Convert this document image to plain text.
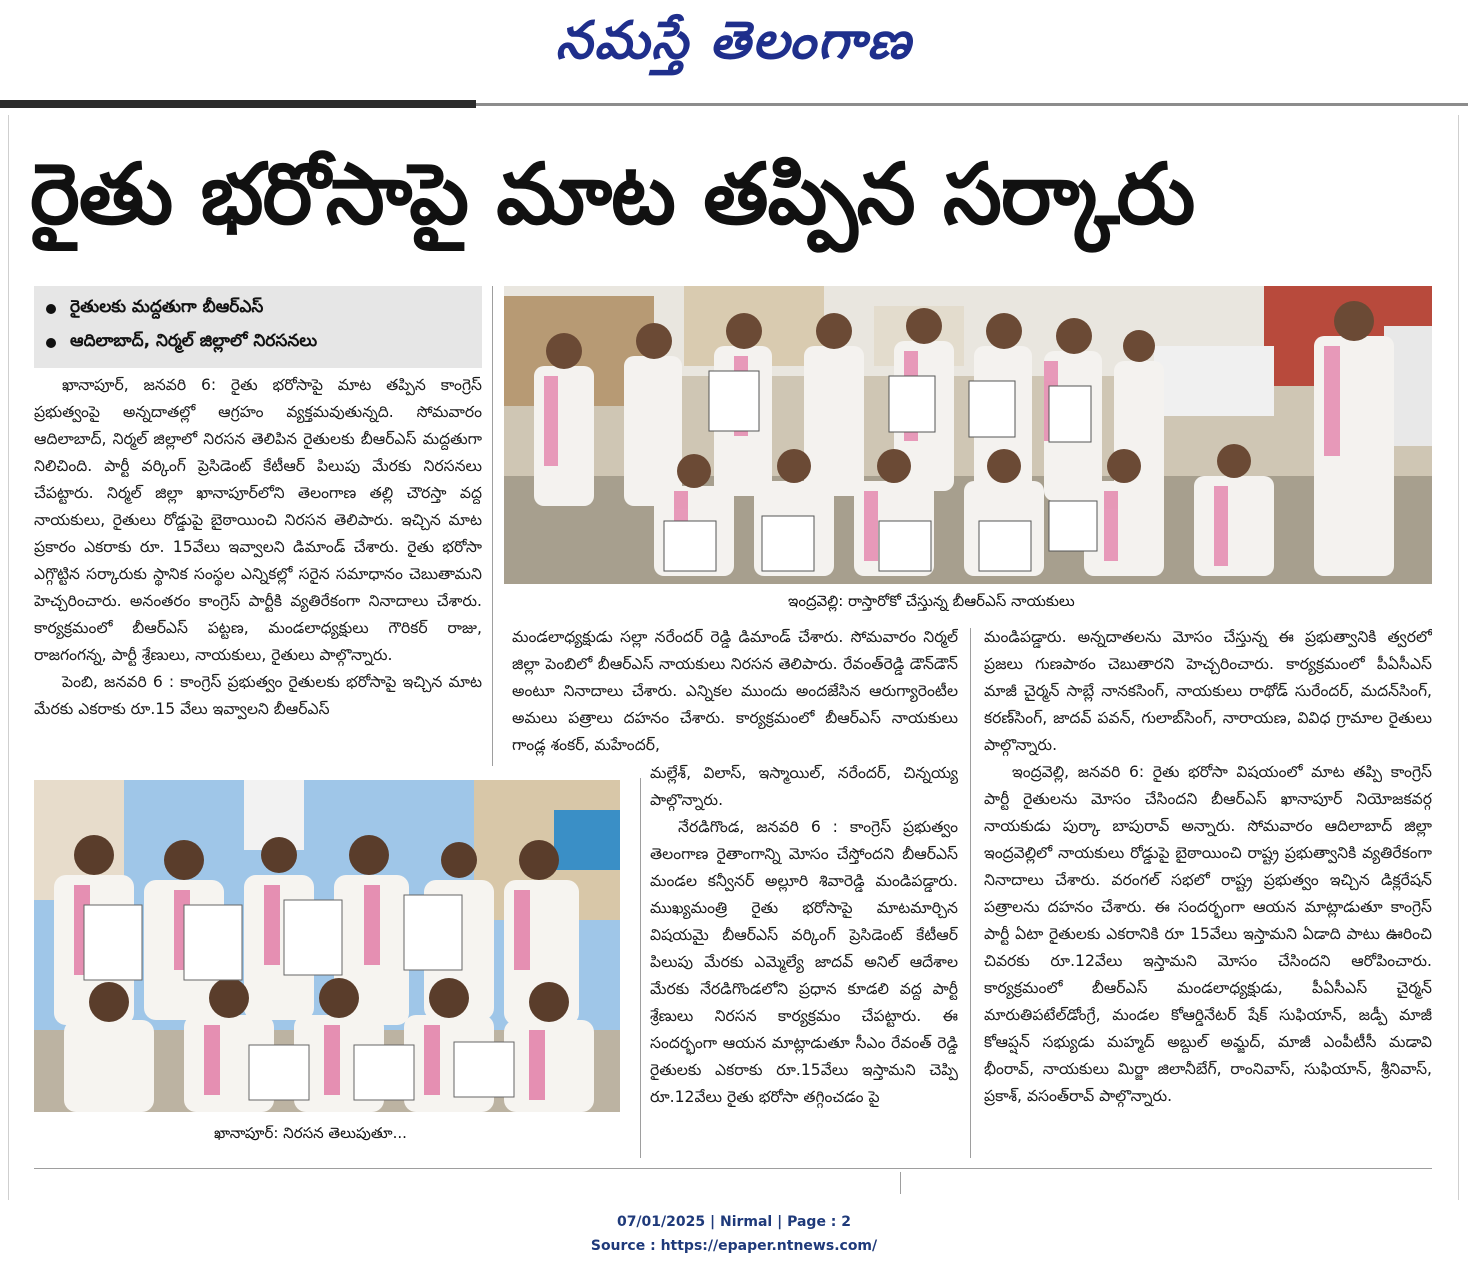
నమస్తే తెలంగాణ
రైతు భరోసాపై మాట తప్పిన సర్కారు
రైతులకు మద్దతుగా బీఆర్ఎస్
ఆదిలాబాద్, నిర్మల్ జిల్లాలో నిరసనలు

ఖానాపూర్, జనవరి 6: రైతు భరోసాపై మాట తప్పిన కాంగ్రెస్ ప్రభుత్వంపై అన్నదాతల్లో ఆగ్రహం వ్యక్తమవుతున్నది. సోమవారం ఆదిలాబాద్, నిర్మల్ జిల్లాలో నిరసన తెలిపిన రైతులకు బీఆర్ఎస్ మద్దతుగా నిలిచింది. పార్టీ వర్కింగ్ ప్రెసిడెంట్ కేటీఆర్ పిలుపు మేరకు నిరసనలు చేపట్టారు. నిర్మల్ జిల్లా ఖానాపూర్‌లోని తెలంగాణ తల్లి చౌరస్తా వద్ద నాయకులు, రైతులు రోడ్డుపై బైఠాయించి నిరసన తెలిపారు. ఇచ్చిన మాట ప్రకారం ఎకరాకు రూ. 15వేలు ఇవ్వాలని డిమాండ్ చేశారు. రైతు భరోసా ఎగ్గొట్టిన సర్కారుకు స్థానిక సంస్థల ఎన్నికల్లో సరైన సమాధానం చెబుతామని హెచ్చరించారు. అనంతరం కాంగ్రెస్ పార్టీకి వ్యతిరేకంగా నినాదాలు చేశారు. కార్యక్రమంలో బీఆర్ఎస్ పట్టణ, మండలాధ్యక్షులు గౌరికర్ రాజు, రాజగంగన్న, పార్టీ శ్రేణులు, నాయకులు, రైతులు పాల్గొన్నారు.

పెంబి, జనవరి 6 : కాంగ్రెస్ ప్రభుత్వం రైతులకు భరోసాపై ఇచ్చిన మాట మేరకు ఎకరాకు రూ.15 వేలు ఇవ్వాలని బీఆర్ఎస్

ఇంద్రవెల్లి: రాస్తారోకో చేస్తున్న బీఆర్ఎస్ నాయకులు

మండలాధ్యక్షుడు సల్లా నరేందర్ రెడ్డి డిమాండ్ చేశారు. సోమవారం నిర్మల్ జిల్లా పెంబిలో బీఆర్ఎస్ నాయకులు నిరసన తెలిపారు. రేవంత్‌రెడ్డి డౌన్‌డౌన్ అంటూ నినాదాలు చేశారు. ఎన్నికల ముందు అందజేసిన ఆరుగ్యారెంటీల అమలు పత్రాలు దహనం చేశారు. కార్యక్రమంలో బీఆర్ఎస్ నాయకులు గాండ్ల శంకర్, మహేందర్,

మల్లేశ్, విలాస్, ఇస్మాయిల్, నరేందర్, చిన్నయ్య పాల్గొన్నారు.

నేరడిగొండ, జనవరి 6 : కాంగ్రెస్ ప్రభుత్వం తెలంగాణ రైతాంగాన్ని మోసం చేస్తోందని బీఆర్ఎస్ మండల కన్వీనర్ అల్లూరి శివారెడ్డి మండిపడ్డారు. ముఖ్యమంత్రి రైతు భరోసాపై మాటమార్చిన విషయమై బీఆర్ఎస్ వర్కింగ్ ప్రెసిడెంట్ కేటీఆర్ పిలుపు మేరకు ఎమ్మెల్యే జాదవ్ అనిల్ ఆదేశాల మేరకు నేరడిగొండలోని ప్రధాన కూడలి వద్ద పార్టీ శ్రేణులు నిరసన కార్యక్రమం చేపట్టారు. ఈ సందర్భంగా ఆయన మాట్లాడుతూ సీఎం రేవంత్ రెడ్డి రైతులకు ఎకరాకు రూ.15వేలు ఇస్తామని చెప్పి రూ.12వేలు రైతు భరోసా తగ్గించడం పై

మండిపడ్డారు. అన్నదాతలను మోసం చేస్తున్న ఈ ప్రభుత్వానికి త్వరలో ప్రజలు గుణపాఠం చెబుతారని హెచ్చరించారు. కార్యక్రమంలో పీఏసీఎస్ మాజీ చైర్మన్ సాబ్లే నానకసింగ్, నాయకులు రాథోడ్ సురేందర్, మదన్‌సింగ్, కరణ్‌సింగ్, జాదవ్ పవన్, గులాబ్‌సింగ్, నారాయణ, వివిధ గ్రామాల రైతులు పాల్గొన్నారు.

ఇంద్రవెల్లి, జనవరి 6: రైతు భరోసా విషయంలో మాట తప్పి కాంగ్రెస్ పార్టీ రైతులను మోసం చేసిందని బీఆర్ఎస్ ఖానాపూర్ నియోజకవర్గ నాయకుడు పుర్కా బాపురావ్ అన్నారు. సోమవారం ఆదిలాబాద్ జిల్లా ఇంద్రవెల్లిలో నాయకులు రోడ్డుపై బైఠాయించి రాష్ట్ర ప్రభుత్వానికి వ్యతిరేకంగా నినాదాలు చేశారు. వరంగల్ సభలో రాష్ట్ర ప్రభుత్వం ఇచ్చిన డిక్లరేషన్ పత్రాలను దహనం చేశారు. ఈ సందర్భంగా ఆయన మాట్లాడుతూ కాంగ్రెస్ పార్టీ ఏటా రైతులకు ఎకరానికి రూ 15వేలు ఇస్తామని ఏడాది పాటు ఊరించి చివరకు రూ.12వేలు ఇస్తామని మోసం చేసిందని ఆరోపించారు. కార్యక్రమంలో బీఆర్ఎస్ మండలాధ్యక్షుడు, పీఏసీఎస్ చైర్మన్ మారుతిపటేల్‌డోంగ్రే, మండల కోఆర్డినేటర్ షేక్ సుఫియాన్, జడ్పీ మాజీ కోఆప్షన్ సభ్యుడు మహ్మద్ అబ్దుల్ అమ్జద్, మాజీ ఎంపీటీసీ మడావి భీంరావ్, నాయకులు మిర్జా జిలానీబేగ్, రాంనివాస్, సుఫియాన్, శ్రీనివాస్, ప్రకాశ్, వసంత్‌రావ్ పాల్గొన్నారు.

ఖానాపూర్: నిరసన తెలుపుతూ...
07/01/2025 | Nirmal | Page : 2
Source : https://epaper.ntnews.com/
